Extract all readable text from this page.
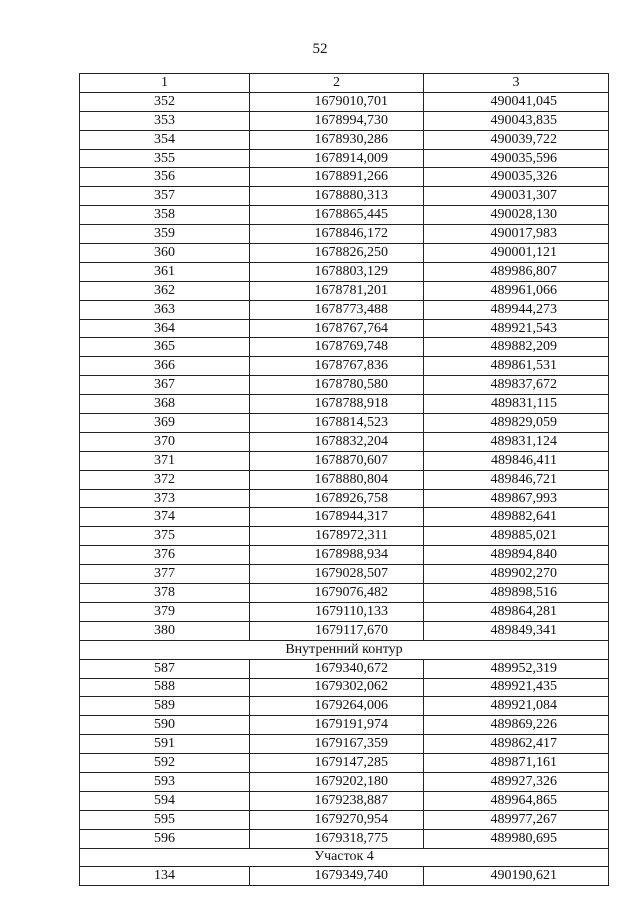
52
1	2	3
352	1679010,701	490041,045
353	1678994,730	490043,835
354	1678930,286	490039,722
355	1678914,009	490035,596
356	1678891,266	490035,326
357	1678880,313	490031,307
358	1678865,445	490028,130
359	1678846,172	490017,983
360	1678826,250	490001,121
361	1678803,129	489986,807
362	1678781,201	489961,066
363	1678773,488	489944,273
364	1678767,764	489921,543
365	1678769,748	489882,209
366	1678767,836	489861,531
367	1678780,580	489837,672
368	1678788,918	489831,115
369	1678814,523	489829,059
370	1678832,204	489831,124
371	1678870,607	489846,411
372	1678880,804	489846,721
373	1678926,758	489867,993
374	1678944,317	489882,641
375	1678972,311	489885,021
376	1678988,934	489894,840
377	1679028,507	489902,270
378	1679076,482	489898,516
379	1679110,133	489864,281
380	1679117,670	489849,341
Внутренний контур		
587	1679340,672	489952,319
588	1679302,062	489921,435
589	1679264,006	489921,084
590	1679191,974	489869,226
591	1679167,359	489862,417
592	1679147,285	489871,161
593	1679202,180	489927,326
594	1679238,887	489964,865
595	1679270,954	489977,267
596	1679318,775	489980,695
Участок 4		
134	1679349,740	490190,621
